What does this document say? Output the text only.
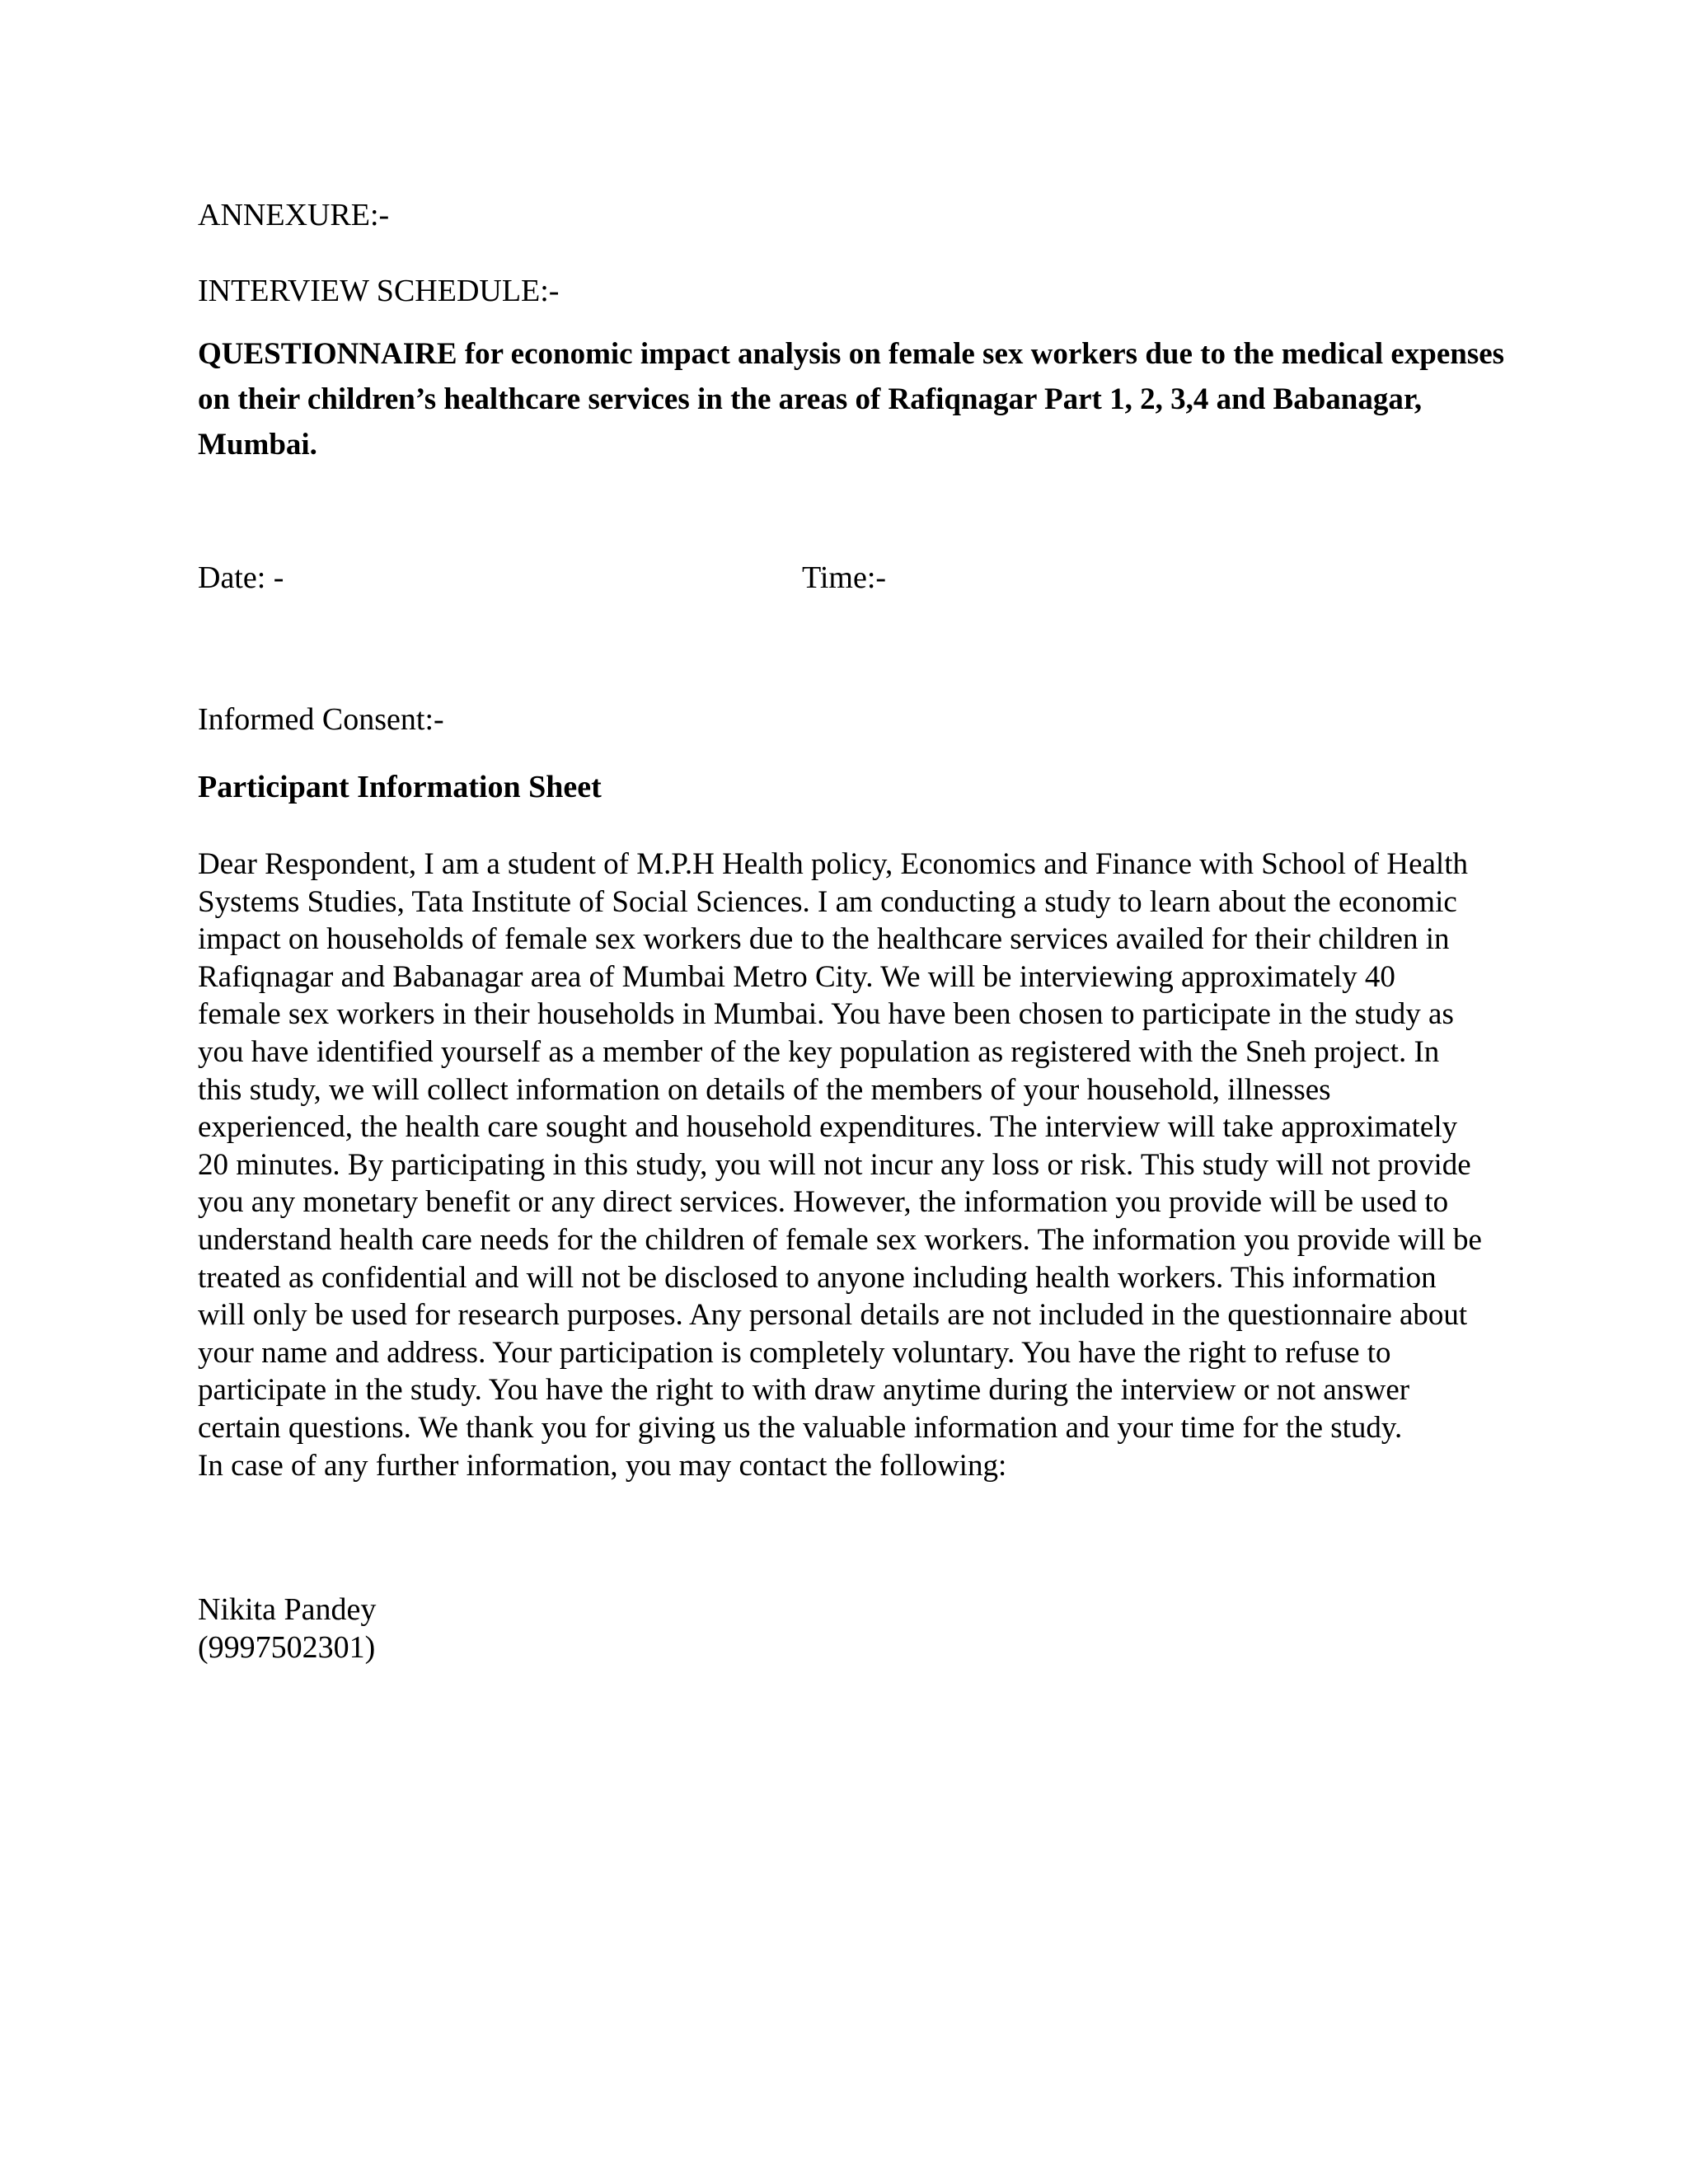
ANNEXURE:-

INTERVIEW SCHEDULE:-

QUESTIONNAIRE for economic impact analysis on female sex workers due to the medical expenses on their children’s healthcare services in the areas of Rafiqnagar Part 1, 2, 3,4 and Babanagar, Mumbai.

Date: -	Time:-

Informed Consent:-

Participant Information Sheet

Dear Respondent, I am a student of M.P.H Health policy, Economics and Finance with School of Health Systems Studies, Tata Institute of Social Sciences. I am conducting a study to learn about the economic impact on households of female sex workers due to the healthcare services availed for their children in Rafiqnagar and Babanagar area of Mumbai Metro City. We will be interviewing approximately 40 female sex workers in their households in Mumbai. You have been chosen to participate in the study as you have identified yourself as a member of the key population as registered with the Sneh project. In this study, we will collect information on details of the members of your household, illnesses experienced, the health care sought and household expenditures. The interview will take approximately 20 minutes. By participating in this study, you will not incur any loss or risk. This study will not provide you any monetary benefit or any direct services. However, the information you provide will be used to understand health care needs for the children of female sex workers. The information you provide will be treated as confidential and will not be disclosed to anyone including health workers. This information will only be used for research purposes. Any personal details are not included in the questionnaire about your name and address. Your participation is completely voluntary. You have the right to refuse to participate in the study. You have the right to with draw anytime during the interview or not answer certain questions. We thank you for giving us the valuable information and your time for the study.

In case of any further information, you may contact the following:

Nikita Pandey

(9997502301)
